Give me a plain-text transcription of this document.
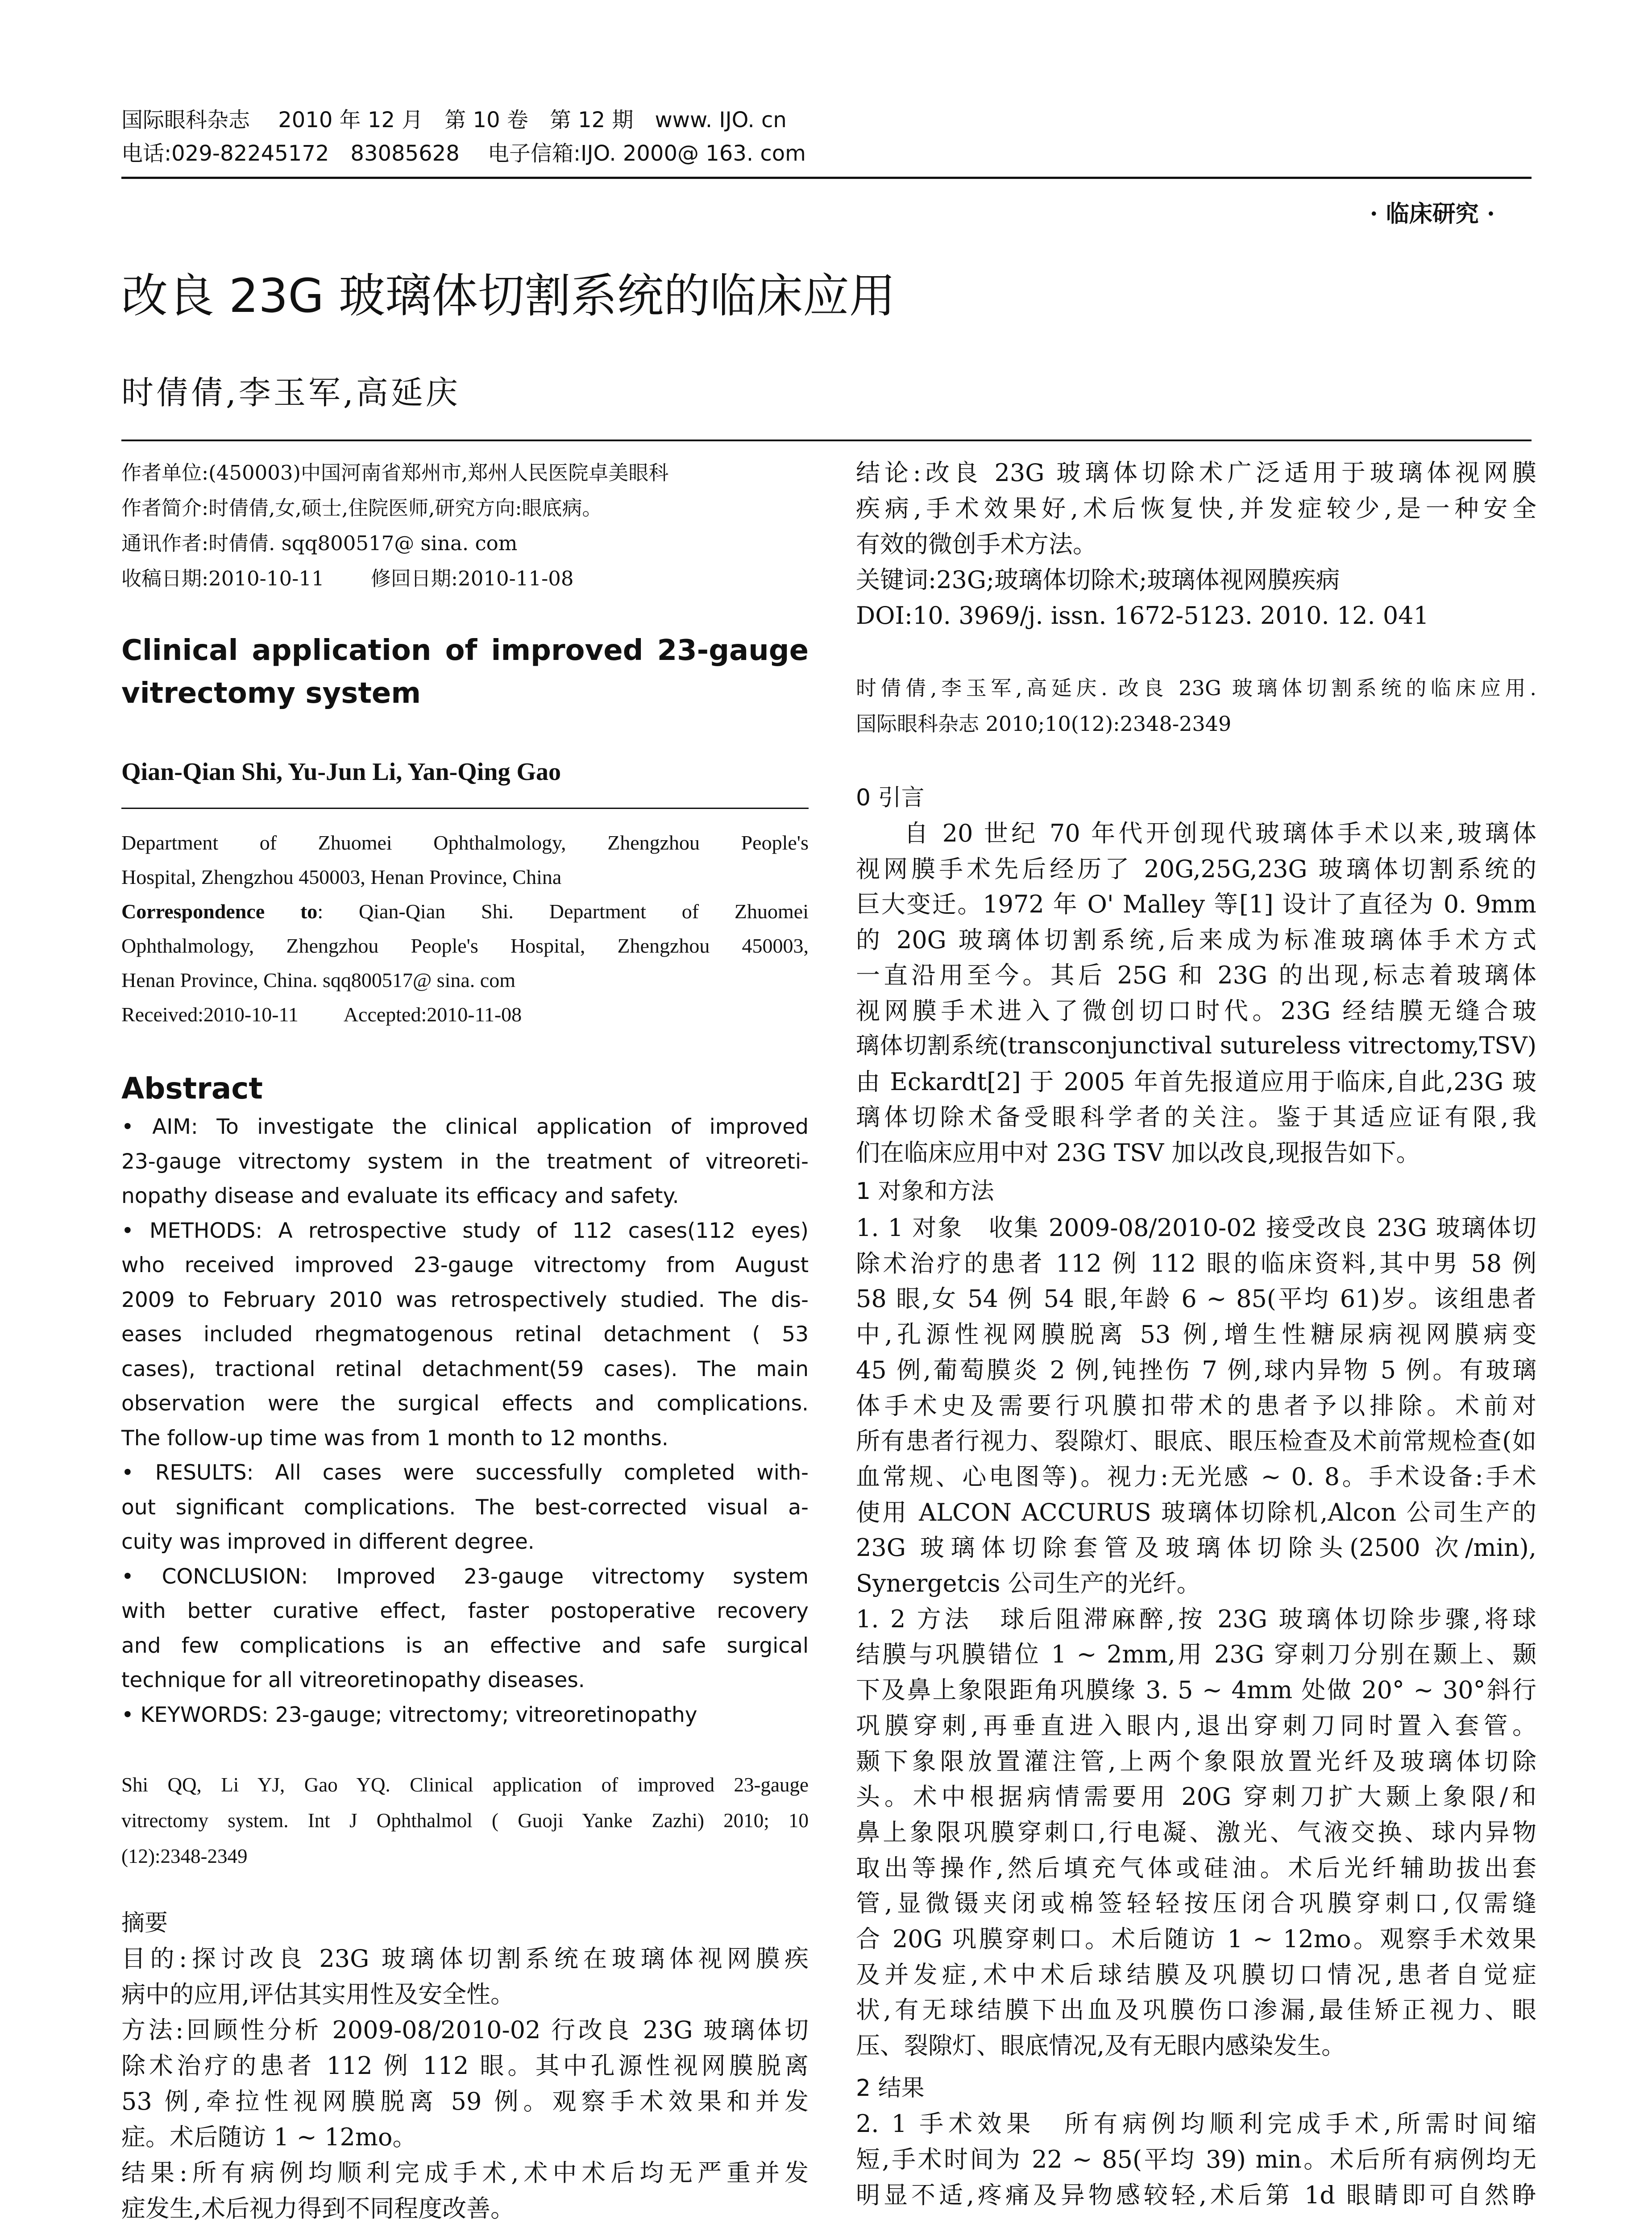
国际眼科杂志　 2010 年 12 月　第 10 卷　第 12 期　www. IJO. cn
电话:029-82245172　83085628　 电子信箱:IJO. 2000@ 163. com
· 临床研究 ·
改良 23G 玻璃体切割系统的临床应用
时倩倩,李玉军,高延庆
作者单位:(450003)中国河南省郑州市,郑州人民医院卓美眼科
作者简介:时倩倩,女,硕士,住院医师,研究方向:眼底病。
通讯作者:时倩倩. sqq800517@ sina. com
收稿日期:2010-10-11　　 修回日期:2010-11-08
Clinical application of improved 23-gauge
vitrectomy system
Qian-Qian Shi, Yu-Jun Li, Yan-Qing Gao
Department of Zhuomei Ophthalmology, Zhengzhou People's
Hospital, Zhengzhou 450003, Henan Province, China
Correspondence to: Qian-Qian Shi. Department of Zhuomei
Ophthalmology, Zhengzhou People's Hospital, Zhengzhou 450003,
Henan Province, China. sqq800517@ sina. com
Received:2010-10-11　　 Accepted:2010-11-08
Abstract
• AIM: To investigate the clinical application of improved
23-gauge vitrectomy system in the treatment of vitreoreti-
nopathy disease and evaluate its efficacy and safety.
• METHODS: A retrospective study of 112 cases(112 eyes)
who received improved 23-gauge vitrectomy from August
2009 to February 2010 was retrospectively studied. The dis-
eases included rhegmatogenous retinal detachment ( 53
cases), tractional retinal detachment(59 cases). The main
observation were the surgical effects and complications.
The follow-up time was from 1 month to 12 months.
• RESULTS: All cases were successfully completed with-
out significant complications. The best-corrected visual a-
cuity was improved in different degree.
• CONCLUSION: Improved 23-gauge vitrectomy system
with better curative effect, faster postoperative recovery
and few complications is an effective and safe surgical
technique for all vitreoretinopathy diseases.
• KEYWORDS: 23-gauge; vitrectomy; vitreoretinopathy
Shi QQ, Li YJ, Gao YQ. Clinical application of improved 23-gauge
vitrectomy system. Int J Ophthalmol ( Guoji Yanke Zazhi) 2010; 10
(12):2348-2349
摘要
目的:探讨改良 23G 玻璃体切割系统在玻璃体视网膜疾
病中的应用,评估其实用性及安全性。
方法:回顾性分析 2009-08/2010-02 行改良 23G 玻璃体切
除术治疗的患者 112 例 112 眼。其中孔源性视网膜脱离
53 例,牵拉性视网膜脱离 59 例。观察手术效果和并发
症。术后随访 1 ~ 12mo。
结果:所有病例均顺利完成手术,术中术后均无严重并发
症发生,术后视力得到不同程度改善。
结论:改良 23G 玻璃体切除术广泛适用于玻璃体视网膜
疾病,手术效果好,术后恢复快,并发症较少,是一种安全
有效的微创手术方法。
关键词:23G;玻璃体切除术;玻璃体视网膜疾病
DOI:10. 3969/j. issn. 1672-5123. 2010. 12. 041
时倩倩,李玉军,高延庆. 改良 23G 玻璃体切割系统的临床应用.
国际眼科杂志 2010;10(12):2348-2349
0 引言
自 20 世纪 70 年代开创现代玻璃体手术以来,玻璃体
视网膜手术先后经历了 20G,25G,23G 玻璃体切割系统的
巨大变迁。1972 年 O' Malley 等[1] 设计了直径为 0. 9mm
的 20G 玻璃体切割系统,后来成为标准玻璃体手术方式
一直沿用至今。其后 25G 和 23G 的出现,标志着玻璃体
视网膜手术进入了微创切口时代。23G 经结膜无缝合玻
璃体切割系统(transconjunctival sutureless vitrectomy,TSV)
由 Eckardt[2] 于 2005 年首先报道应用于临床,自此,23G 玻
璃体切除术备受眼科学者的关注。鉴于其适应证有限,我
们在临床应用中对 23G TSV 加以改良,现报告如下。
1 对象和方法
1. 1 对象　收集 2009-08/2010-02 接受改良 23G 玻璃体切
除术治疗的患者 112 例 112 眼的临床资料,其中男 58 例
58 眼,女 54 例 54 眼,年龄 6 ~ 85(平均 61)岁。该组患者
中,孔源性视网膜脱离 53 例,增生性糖尿病视网膜病变
45 例,葡萄膜炎 2 例,钝挫伤 7 例,球内异物 5 例。有玻璃
体手术史及需要行巩膜扣带术的患者予以排除。术前对
所有患者行视力、裂隙灯、眼底、眼压检查及术前常规检查(如
血常规、心电图等)。视力:无光感 ~ 0. 8。手术设备:手术
使用 ALCON ACCURUS 玻璃体切除机,Alcon 公司生产的
23G 玻璃体切除套管及玻璃体切除头(2500 次/min),
Synergetcis 公司生产的光纤。
1. 2 方法　球后阻滞麻醉,按 23G 玻璃体切除步骤,将球
结膜与巩膜错位 1 ~ 2mm,用 23G 穿刺刀分别在颞上、颞
下及鼻上象限距角巩膜缘 3. 5 ~ 4mm 处做 20° ~ 30°斜行
巩膜穿刺,再垂直进入眼内,退出穿刺刀同时置入套管。
颞下象限放置灌注管,上两个象限放置光纤及玻璃体切除
头。术中根据病情需要用 20G 穿刺刀扩大颞上象限/和
鼻上象限巩膜穿刺口,行电凝、激光、气液交换、球内异物
取出等操作,然后填充气体或硅油。术后光纤辅助拔出套
管,显微镊夹闭或棉签轻轻按压闭合巩膜穿刺口,仅需缝
合 20G 巩膜穿刺口。术后随访 1 ~ 12mo。观察手术效果
及并发症,术中术后球结膜及巩膜切口情况,患者自觉症
状,有无球结膜下出血及巩膜伤口渗漏,最佳矫正视力、眼
压、裂隙灯、眼底情况,及有无眼内感染发生。
2 结果
2. 1 手术效果　所有病例均顺利完成手术,所需时间缩
短,手术时间为 22 ~ 85(平均 39) min。术后所有病例均无
明显不适,疼痛及异物感较轻,术后第 1d 眼睛即可自然睁
